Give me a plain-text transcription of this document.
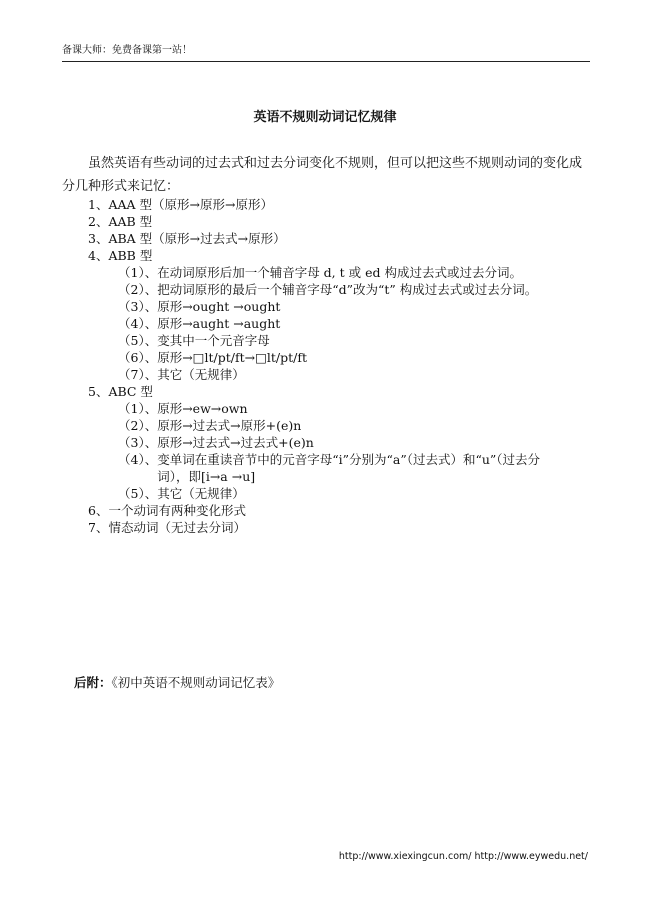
备课大师：免费备课第一站！
英语不规则动词记忆规律
虽然英语有些动词的过去式和过去分词变化不规则，但可以把这些不规则动词的变化成分几种形式来记忆：
1、AAA 型（原形→原形→原形）
2、AAB 型
3、ABA 型（原形→过去式→原形）
4、ABB 型
（1）、在动词原形后加一个辅音字母 d, t 或 ed 构成过去式或过去分词。
（2）、把动词原形的最后一个辅音字母“d”改为“t” 构成过去式或过去分词。
（3）、原形→ought →ought
（4）、原形→aught →aught
（5）、变其中一个元音字母
（6）、原形→□lt/pt/ft→□lt/pt/ft
（7）、其它（无规律）
5、ABC 型
（1）、原形→ew→own
（2）、原形→过去式→原形+(e)n
（3）、原形→过去式→过去式+(e)n
（4）、 变单词在重读音节中的元音字母“i”分别为“a”（过去式）和“u”（过去分词），即[i→a →u]
（5）、其它（无规律）
6、一个动词有两种变化形式
7、情态动词（无过去分词）
后附：《初中英语不规则动词记忆表》
http://www.xiexingcun.com/ http://www.eywedu.net/
